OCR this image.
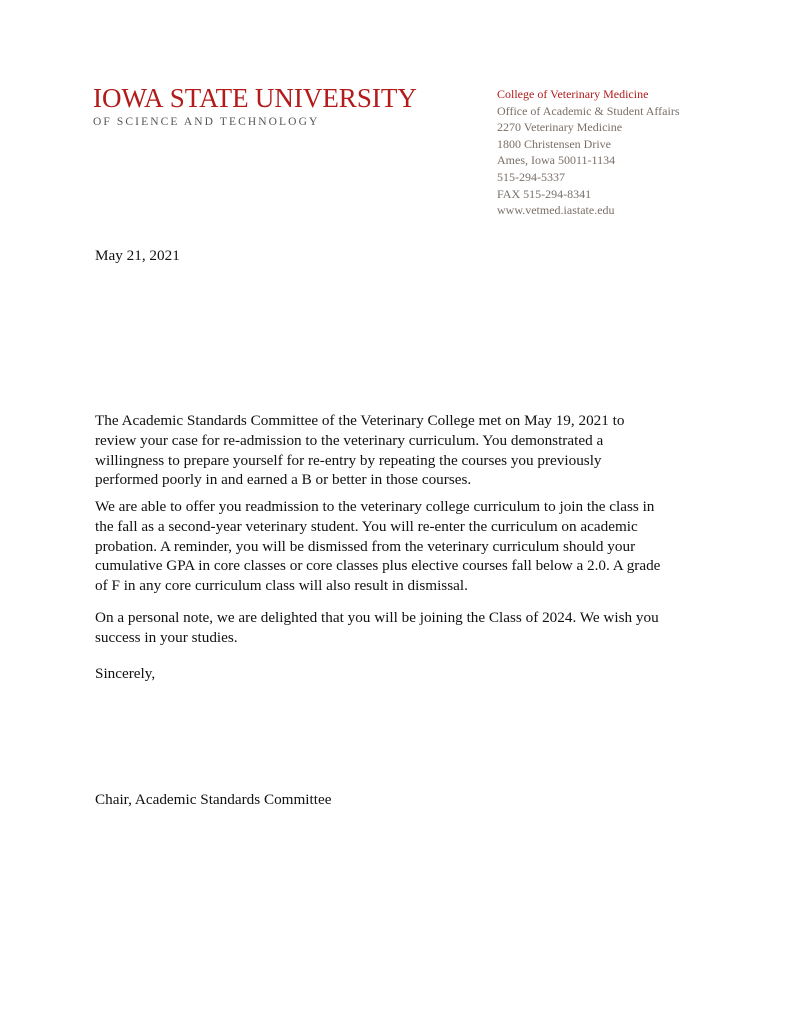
IOWA STATE UNIVERSITY
OF SCIENCE AND TECHNOLOGY
College of Veterinary Medicine
Office of Academic & Student Affairs
2270 Veterinary Medicine
1800 Christensen Drive
Ames, Iowa 50011-1134
515-294-5337
FAX 515-294-8341
www.vetmed.iastate.edu
May 21, 2021
The Academic Standards Committee of the Veterinary College met on May 19, 2021 to
review your case for re-admission to the veterinary curriculum. You demonstrated a
willingness to prepare yourself for re-entry by repeating the courses you previously
performed poorly in and earned a B or better in those courses.
We are able to offer you readmission to the veterinary college curriculum to join the class in
the fall as a second-year veterinary student. You will re-enter the curriculum on academic
probation. A reminder, you will be dismissed from the veterinary curriculum should your
cumulative GPA in core classes or core classes plus elective courses fall below a 2.0. A grade
of F in any core curriculum class will also result in dismissal.
On a personal note, we are delighted that you will be joining the Class of 2024. We wish you
success in your studies.
Sincerely,
Chair, Academic Standards Committee
